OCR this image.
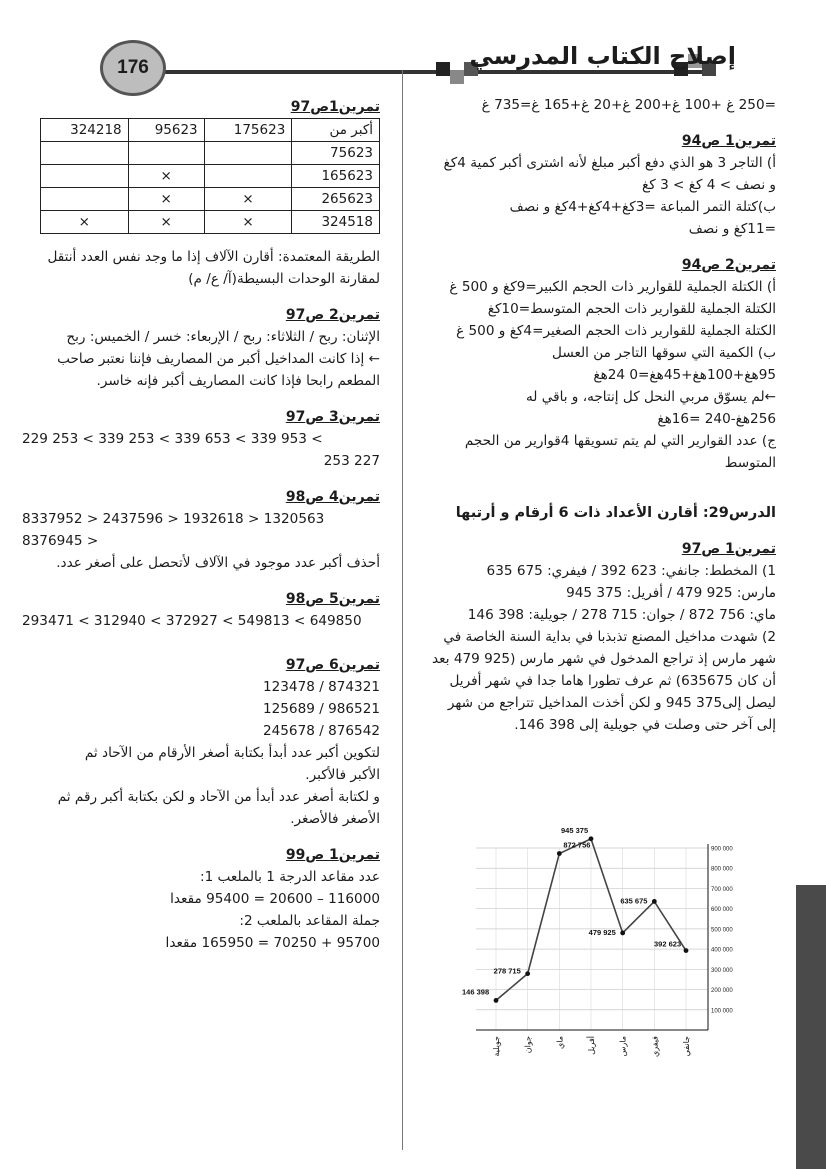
176	إصلاح الكتاب المدرسي

=250 غ +100 غ+200 غ+20 غ+165 غ=735 غ

تمرين1 ص94

أ) التاجر 3 هو الذي دفع أكبر مبلغ لأنه اشترى أكبر كمية 4كغ

و نصف > 4 كغ > 3 كغ

ب)كتلة التمر المباعة =3كغ+4كغ+4كغ و نصف

=11كغ و نصف

تمرين2 ص94

أ) الكتلة الجملية للقوارير ذات الحجم الكبير=9كغ و 500 غ

الكتلة الجملية للقوارير ذات الحجم المتوسط=10كغ

الكتلة الجملية للقوارير ذات الحجم الصغير=4كغ و 500 غ

ب) الكمية التي سوقها التاجر من العسل

95هغ+100هغ+45هغ=0 24هغ

←لم يسوّق مربي النحل كل إنتاجه، و باقي له

256هغ-240 =16هغ

ج) عدد القوارير التي لم يتم تسويقها 4قوارير من الحجم

المتوسط

الدرس29: أقارن الأعداد ذات 6 أرقام و أرتبها

تمرين1 ص97

1) المخطط: جانفي: 623 392 / فيفري: 675 635

مارس: 925 479 / أفريل: 375 945

ماي: 756 872 / جوان: 715 278 / جويلية: 398 146

2) شهدت مداخيل المصنع تذبذبا في بداية السنة الخاصة في

شهر مارس إذ تراجع المدخول في شهر مارس (925 479 بعد

أن كان 635675) ثم عرف تطورا هاما جدا في شهر أفريل

ليصل إلى375 945 و لكن أخذت المداخيل تتراجع من شهر

إلى آخر حتى وصلت في جويلية إلى 398 146.

900 000
800 000
700 000
600 000
500 000
400 000
300 000
200 000
100 000
جانفي
فيفري
مارس
أفريل
ماي
جوان
جويلية
392 623
635 675
479 925
945 375
872 756
278 715
146 398

تمرين1ص97

324218	95623	175623	أكبر من
			75623
	×		165623
	×	×	265623
×	×	×	324518

الطريقة المعتمدة: أقارن الآلاف إذا ما وجد نفس العدد أنتقل

لمقارنة الوحدات البسيطة(آ/ ع/ م)

تمرين2 ص97

الإثنان: ربح / الثلاثاء: ربح / الإربعاء: خسر / الخميس: ربح

← إذا كانت المداخيل أكبر من المصاريف فإننا نعتبر صاحب

المطعم رابحا فإذا كانت المصاريف أكبر فإنه خاسر.

تمرين3 ص97

229 253 < 339 253 < 339 653 < 339 953 <

227 253

تمرين4 ص98

8337952 > 2437596 > 1932618 > 1320563

8376945 >

أحذف أكبر عدد موجود في الآلاف لأتحصل على أصغر عدد.

تمرين5 ص98

293471 < 312940 < 372927 < 549813 < 649850

تمرين6 ص97

123478 / 874321

125689 / 986521

245678 / 876542

لتكوين أكبر عدد أبدأ بكتابة أصغر الأرقام من الآحاد ثم

الأكبر فالأكبر.

و لكتابة أصغر عدد أبدأ من الآحاد و لكن بكتابة أكبر رقم ثم

الأصغر فالأصغر.

تمرين1 ص99

عدد مقاعد الدرجة 1 بالملعب 1:

116000 – 20600 = 95400 مقعدا

جملة المقاعد بالملعب 2:

95700 + 70250 = 165950 مقعدا
